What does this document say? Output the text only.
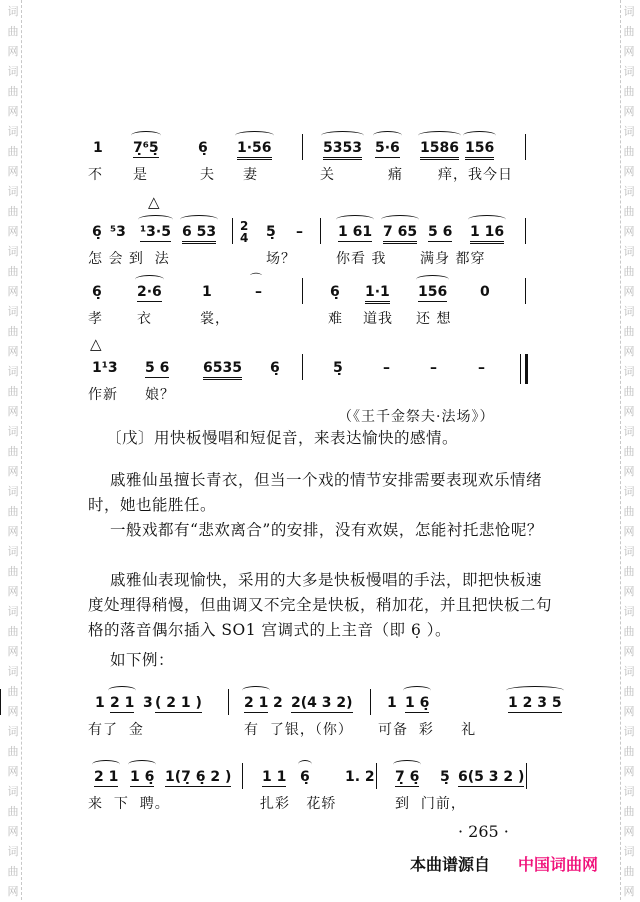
词
曲
网
词
曲
网
词
曲
网
词
曲
网
词
曲
网
词
曲
网
词
曲
网
词
曲
网
词
曲
网
词
曲
网
词
曲
网
词
曲
网
词
曲
网
词
曲
网
词
曲
网
词
曲
网
词
曲
网
词
曲
网
词
曲
网
词
曲
网
词
曲
网
词
曲
网
词
曲
网
词
曲
网
词
曲
网
词
曲
网
词
曲
网
词
曲
网
词
曲
网
词
曲
网
1 7̣⁶5̣	6̣ 1·56	5353 5·6 1586 156
不 是	夫 妻	关	痛	痒，我今日
6̣ ⁵3 ¹3·5 6 53 2
4 5̣ –	1 61 7 65 5 6 1 16
怎 会 到  法	场？	你看 我 满身 都穿
6̣	2·6	1	–	6̣ 1·1 156 0
孝 衣	裳，	难 道我 还 想
1¹3 5 6 6535 6̣	5̣	–	–	–
作新 娘？
△
△
⌒
（《王千金祭夫·法场》）
〔戊〕用快板慢唱和短促音，来表达愉快的感情。
戚雅仙虽擅长青衣，但当一个戏的情节安排需要表现欢乐情绪时，她也能胜任。
一般戏都有“悲欢离合”的安排，没有欢娱，怎能衬托悲怆呢？
戚雅仙表现愉快，采用的大多是快板慢唱的手法，即把快板速度处理得稍慢，但曲调又不完全是快板，稍加花，并且把快板二句格的落音偶尔插入 SO1 宫调式的上主音（即 6̣ ）。
如下例：
1 2 1 3 ( 2 1 )	2 1 2 2(4 3 2) 1 1 6̣	1 2 3 5
有了  金	有  了银，（你） 可备  彩     礼
2 1 1 6̣ 1(7̣ 6̣ 2 ) 1 1 6̣	1. 2 7̣ 6̣ 5̣ 6(5 3 2 )
来  下  聘。	扎彩   花轿	到  门前，
· 265 ·
本曲谱源自 中国词曲网
